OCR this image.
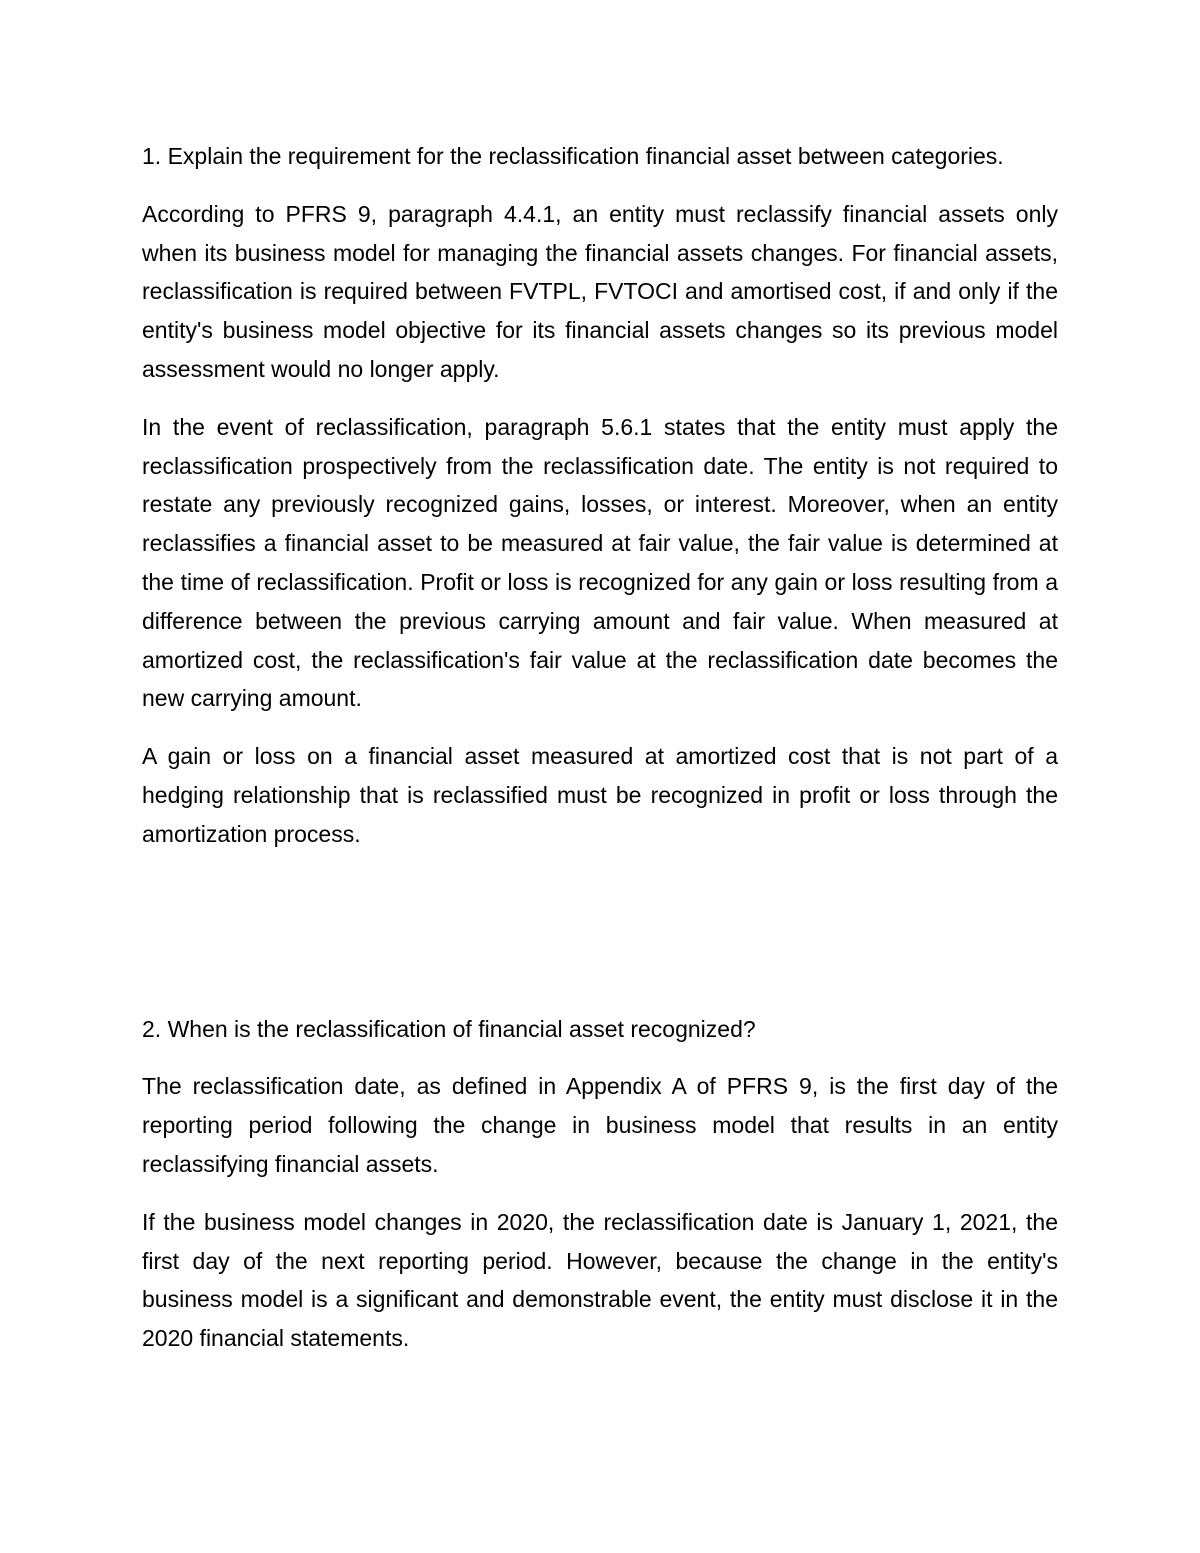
1. Explain the requirement for the reclassification financial asset between categories.

According to PFRS 9, paragraph 4.4.1, an entity must reclassify financial assets only when its business model for managing the financial assets changes. For financial assets, reclassification is required between FVTPL, FVTOCI and amortised cost, if and only if the entity's business model objective for its financial assets changes so its previous model assessment would no longer apply.

In the event of reclassification, paragraph 5.6.1 states that the entity must apply the reclassification prospectively from the reclassification date. The entity is not required to restate any previously recognized gains, losses, or interest. Moreover, when an entity reclassifies a financial asset to be measured at fair value, the fair value is determined at the time of reclassification. Profit or loss is recognized for any gain or loss resulting from a difference between the previous carrying amount and fair value. When measured at amortized cost, the reclassification's fair value at the reclassification date becomes the new carrying amount.

A gain or loss on a financial asset measured at amortized cost that is not part of a hedging relationship that is reclassified must be recognized in profit or loss through the amortization process.

2. When is the reclassification of financial asset recognized?

The reclassification date, as defined in Appendix A of PFRS 9, is the first day of the reporting period following the change in business model that results in an entity reclassifying financial assets.

If the business model changes in 2020, the reclassification date is January 1, 2021, the first day of the next reporting period. However, because the change in the entity's business model is a significant and demonstrable event, the entity must disclose it in the 2020 financial statements.
